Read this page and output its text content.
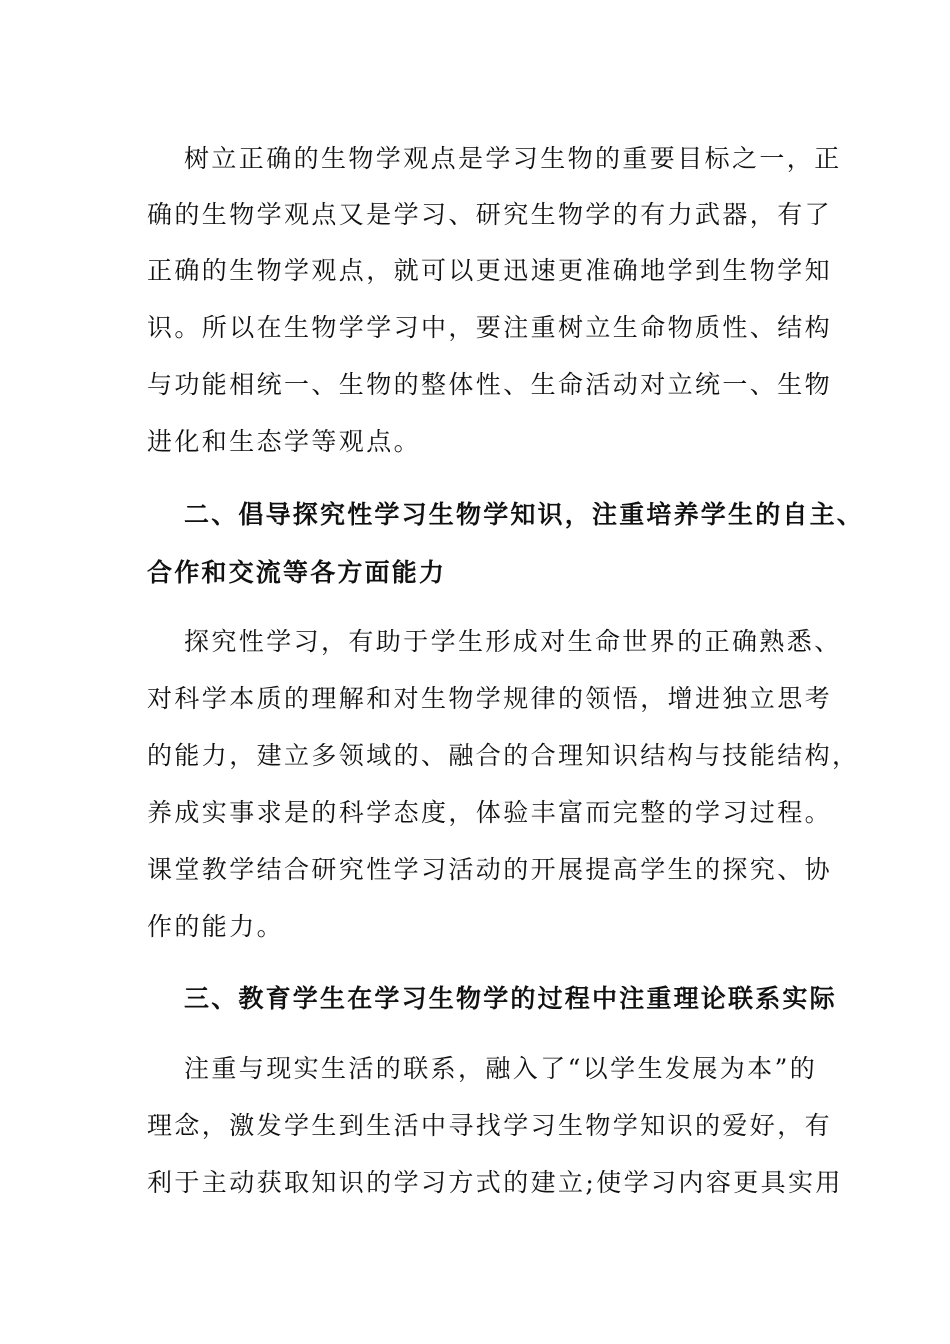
树立正确的生物学观点是学习生物的重要目标之一，正
确的生物学观点又是学习、研究生物学的有力武器，有了
正确的生物学观点，就可以更迅速更准确地学到生物学知
识。所以在生物学学习中，要注重树立生命物质性、结构
与功能相统一、生物的整体性、生命活动对立统一、生物
进化和生态学等观点。
二、倡导探究性学习生物学知识，注重培养学生的自主、
合作和交流等各方面能力
探究性学习，有助于学生形成对生命世界的正确熟悉、
对科学本质的理解和对生物学规律的领悟，增进独立思考
的能力，建立多领域的、融合的合理知识结构与技能结构，
养成实事求是的科学态度，体验丰富而完整的学习过程。
课堂教学结合研究性学习活动的开展提高学生的探究、协
作的能力。
三、教育学生在学习生物学的过程中注重理论联系实际
注重与现实生活的联系，融入了“以学生发展为本”的
理念，激发学生到生活中寻找学习生物学知识的爱好，有
利于主动获取知识的学习方式的建立;使学习内容更具实用
